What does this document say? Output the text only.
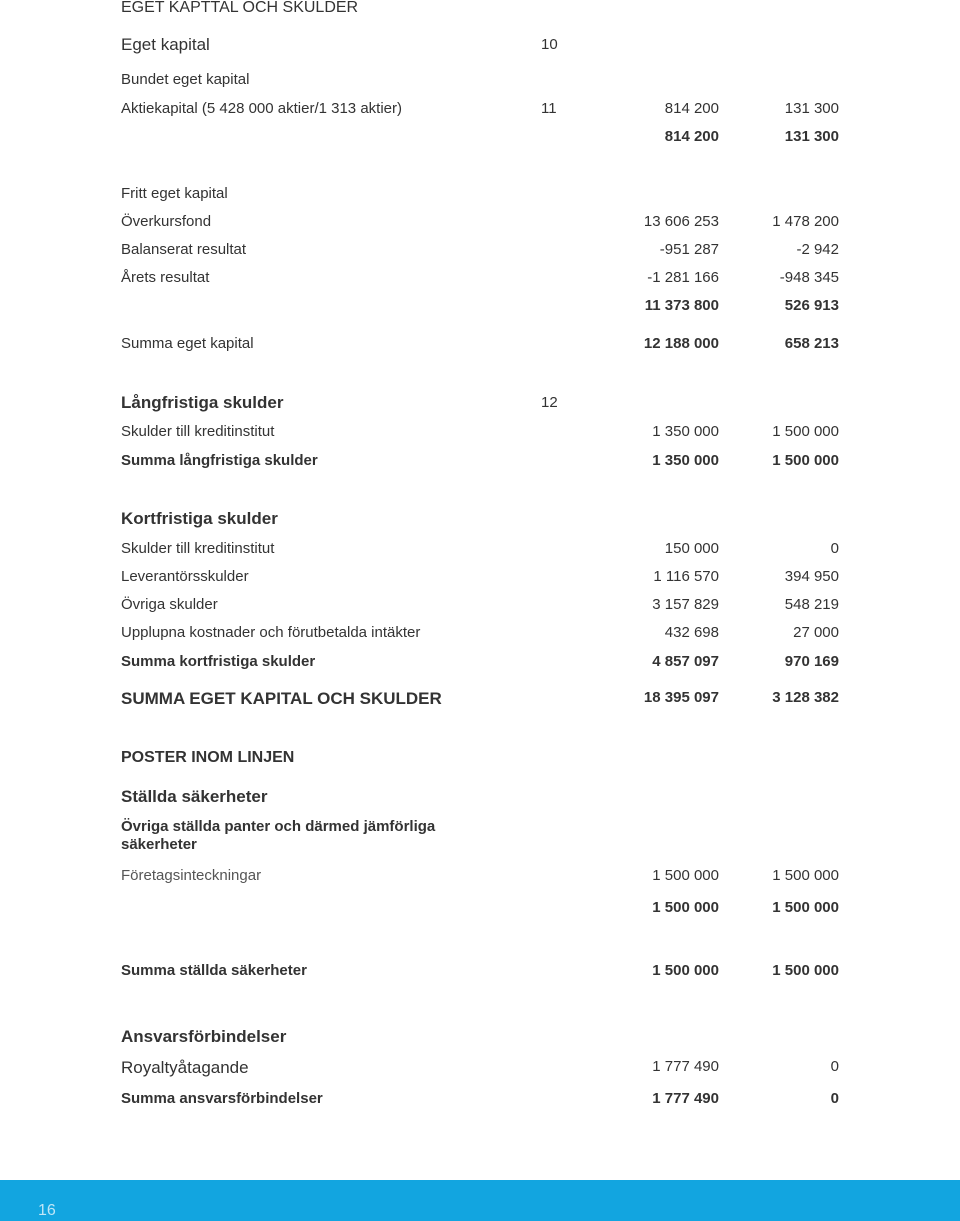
EGET KAPTTAL OCH SKULDER
Eget kapital	10
Bundet eget kapital
Aktiekapital (5 428 000 aktier/1 313 aktier)	11	814 200	131 300
814 200	131 300
Fritt eget kapital
Överkursfond	13 606 253	1 478 200
Balanserat resultat	-951 287	-2 942
Årets resultat	-1 281 166	-948 345
11 373 800	526 913
Summa eget kapital	12 188 000	658 213
Långfristiga skulder	12
Skulder till kreditinstitut	1 350 000	1 500 000
Summa långfristiga skulder	1 350 000	1 500 000
Kortfristiga skulder
Skulder till kreditinstitut	150 000	0
Leverantörsskulder	1 116 570	394 950
Övriga skulder	3 157 829	548 219
Upplupna kostnader och förutbetalda intäkter	432 698	27 000
Summa kortfristiga skulder	4 857 097	970 169
SUMMA EGET KAPITAL OCH SKULDER	18 395 097	3 128 382
POSTER INOM LINJEN
Ställda säkerheter
Övriga ställda panter och därmed jämförliga
säkerheter
Företagsinteckningar	1 500 000	1 500 000
1 500 000	1 500 000
Summa ställda säkerheter	1 500 000	1 500 000
Ansvarsförbindelser
Royaltyåtagande	1 777 490	0
Summa ansvarsförbindelser	1 777 490	0
16
